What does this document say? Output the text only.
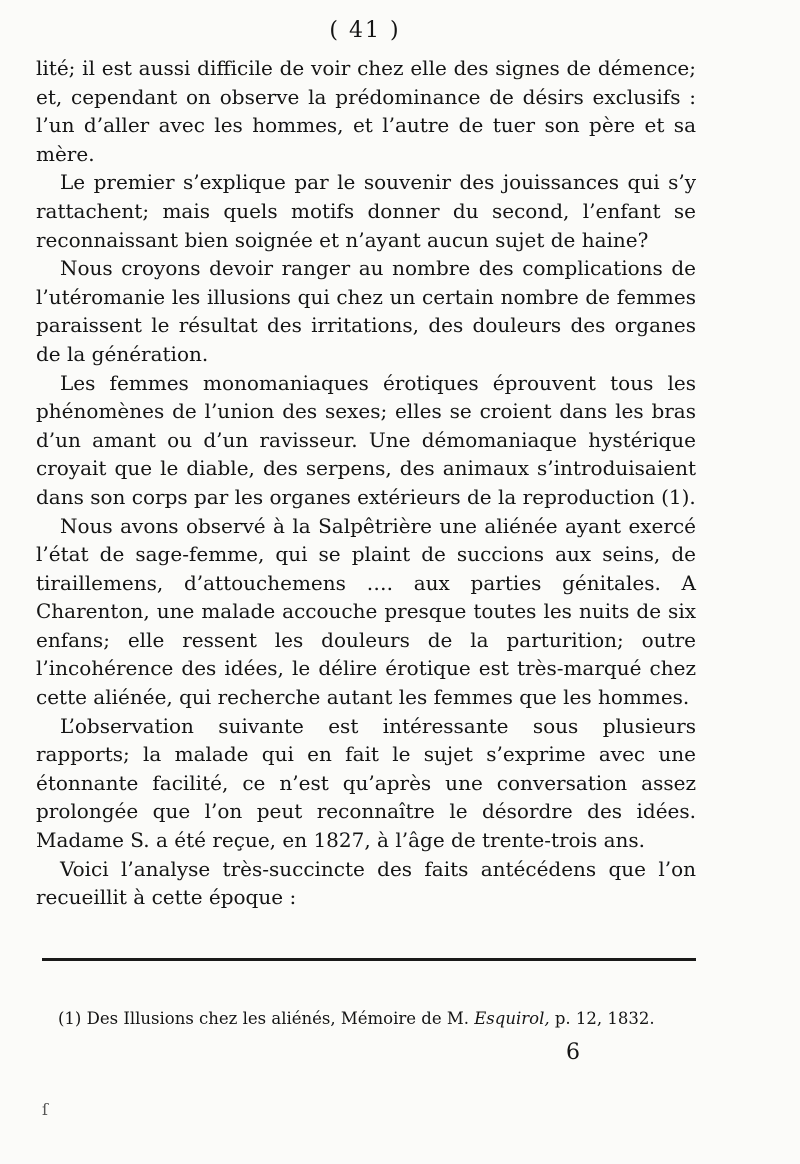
( 41 )

lité; il est aussi difficile de voir chez elle des signes de démence; et, cependant on observe la prédominance de désirs exclusifs : l’un d’aller avec les hommes, et l’autre de tuer son père et sa mère.

Le premier s’explique par le souvenir des jouissances qui s’y rattachent; mais quels motifs donner du second, l’enfant se reconnaissant bien soignée et n’ayant aucun sujet de haine?

Nous croyons devoir ranger au nombre des complications de l’utéromanie les illusions qui chez un certain nombre de femmes paraissent le résultat des irritations, des douleurs des organes de la génération.

Les femmes monomaniaques érotiques éprouvent tous les phénomènes de l’union des sexes; elles se croient dans les bras d’un amant ou d’un ravisseur. Une démomaniaque hystérique croyait que le diable, des serpens, des animaux s’introduisaient dans son corps par les organes extérieurs de la reproduction (1).

Nous avons observé à la Salpêtrière une aliénée ayant exercé l’état de sage-femme, qui se plaint de succions aux seins, de tiraillemens, d’attouchemens …. aux parties génitales. A Charenton, une malade accouche presque toutes les nuits de six enfans; elle ressent les douleurs de la parturition; outre l’incohérence des idées, le délire érotique est très-marqué chez cette aliénée, qui recherche autant les femmes que les hommes.

L’observation suivante est intéressante sous plusieurs rapports; la malade qui en fait le sujet s’exprime avec une étonnante facilité, ce n’est qu’après une conversation assez prolongée que l’on peut reconnaître le désordre des idées. Madame S. a été reçue, en 1827, à l’âge de trente-trois ans.

Voici l’analyse très-succincte des faits antécédens que l’on recueillit à cette époque :

(1) Des Illusions chez les aliénés, Mémoire de M. Esquirol, p. 12, 1832.
6
ſ
